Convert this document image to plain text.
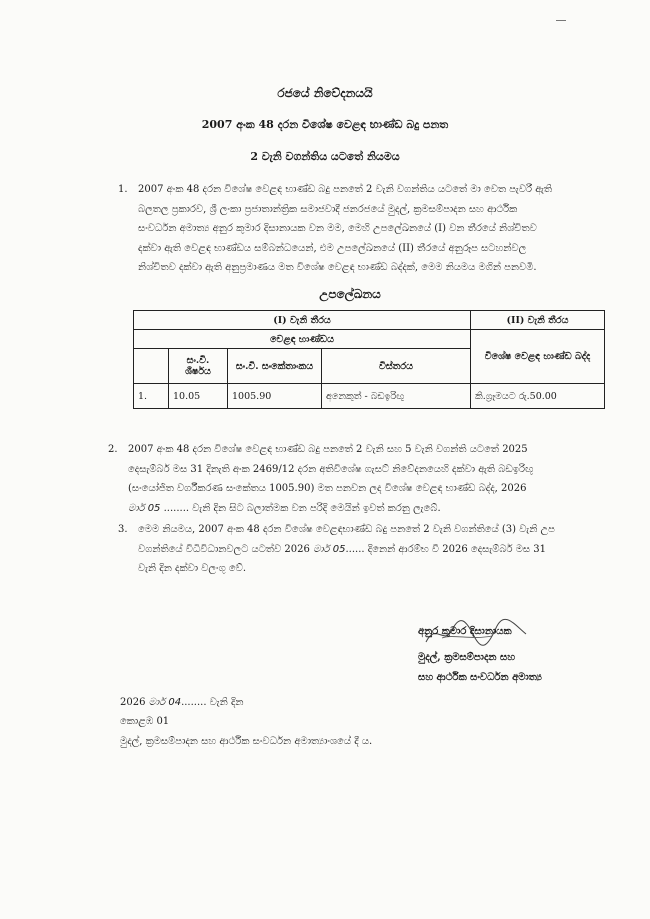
රජයේ නිවේදනයයි
2007 අංක 48 දරන විශේෂ වෙළඳ භාණ්ඩ බදු පනත
2 වැනි වගන්තිය යටතේ නියමය
1. 2007 අංක 48 දරන විශේෂ වෙළඳ භාණ්ඩ බදු පනතේ 2 වැනි වගන්තිය යටතේ මා වෙත පැවරී ඇති
බලතල ප්‍රකාරව, ශ්‍රී ලංකා ප්‍රජාතාන්ත්‍රික සමාජවාදී ජනරජයේ මුදල්, ක්‍රමසම්පාදන සහ ආර්ථික
සංවර්ධන අමාත්‍ය අනුර කුමාර දිසානායක වන මම, මෙහි උපලේඛනයේ (I) වන තීරයේ නිශ්චිතව
දක්වා ඇති වෙළඳ භාණ්ඩය සම්බන්ධයෙන්, එම උපලේඛනයේ (II) තීරයේ අනුරූප සටහන්වල
නිශ්චිතව දක්වා ඇති අනුප්‍රමාණය මත විශේෂ වෙළඳ භාණ්ඩ බද්දක්, මෙම නියමය මගින් පනවමි.
උපලේඛනය
(I) වැනි තීරය				(II) වැනි තීරය
වෙළඳ භාණ්ඩය				විශේෂ වෙළඳ භාණ්ඩ බද්ද
	සං.වි. ශීර්ෂය	සං.වි. සංකේතාංකය	විස්තරය	
1.	10.05	1005.90	අනෙකුත් - බඩඉරිඟු	කි.ග්‍රෑමයට රු.50.00
2. 2007 අංක 48 දරන විශේෂ වෙළඳ භාණ්ඩ බදු පනතේ 2 වැනි සහ 5 වැනි වගන්ති යටතේ 2025
දෙසැම්බර් මස 31 දිනැති අංක 2469/12 දරන අතිවිශේෂ ගැසට් නිවේදනයෙහි දක්වා ඇති බඩඉරිඟු
(සංයෝජිත වර්ගීකරණ සංකේතය 1005.90) මත පනවන ලද විශේෂ වෙළඳ භාණ්ඩ බද්ද, 2026
මාර් 05 ........ වැනි දින සිට බලාත්මක වන පරිදි මෙයින් ඉවත් කරනු ලැබේ.
3. මෙම නියමය, 2007 අංක 48 දරන විශේෂ වෙළඳභාණ්ඩ බදු පනතේ 2 වැනි වගන්තියේ (3) වැනි උප
වගන්තියේ විධිවිධානවලට යටත්ව 2026 මාර් 05...... දිනෙන් ආරම්භ වී 2026 දෙසැම්බර් මස 31
වැනි දින දක්වා වලංගු වේ.
අනුර කුමාර දිසානායක
මුදල්, ක්‍රමසම්පාදන සහ
සහ ආර්ථික සංවර්ධන අමාත්‍ය
2026 මාර් 04........ වැනි දින
කොළඹ 01
මුදල්, ක්‍රමසම්පාදන සහ ආර්ථික සංවර්ධන අමාත්‍යාංශයේ දී ය.
